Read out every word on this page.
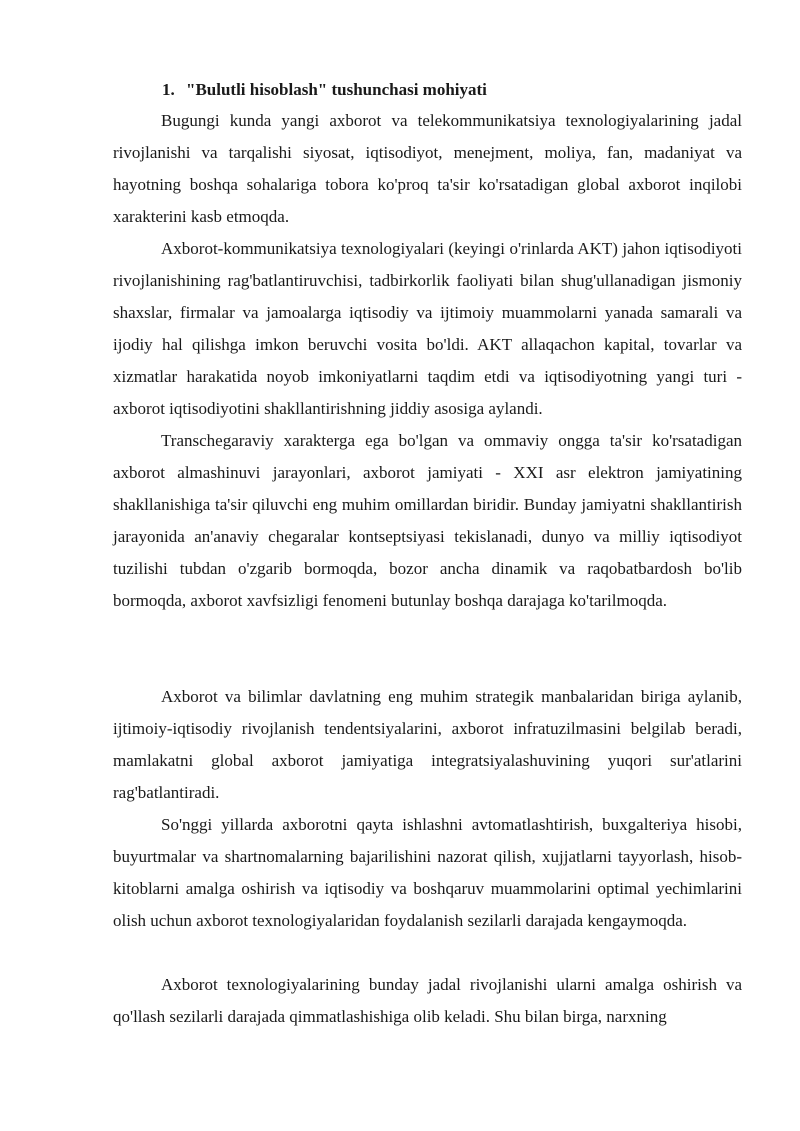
1. "Bulutli hisoblash" tushunchasi mohiyati

Bugungi kunda yangi axborot va telekommunikatsiya texnologiyalarining jadal rivojlanishi va tarqalishi siyosat, iqtisodiyot, menejment, moliya, fan, madaniyat va hayotning boshqa sohalariga tobora ko'proq ta'sir ko'rsatadigan global axborot inqilobi xarakterini kasb etmoqda.

Axborot-kommunikatsiya texnologiyalari (keyingi o'rinlarda AKT) jahon iqtisodiyoti rivojlanishining rag'batlantiruvchisi, tadbirkorlik faoliyati bilan shug'ullanadigan jismoniy shaxslar, firmalar va jamoalarga iqtisodiy va ijtimoiy muammolarni yanada samarali va ijodiy hal qilishga imkon beruvchi vosita bo'ldi. AKT allaqachon kapital, tovarlar va xizmatlar harakatida noyob imkoniyatlarni taqdim etdi va iqtisodiyotning yangi turi - axborot iqtisodiyotini shakllantirishning jiddiy asosiga aylandi.

Transchegaraviy xarakterga ega bo'lgan va ommaviy ongga ta'sir ko'rsatadigan axborot almashinuvi jarayonlari, axborot jamiyati - XXI asr elektron jamiyatining shakllanishiga ta'sir qiluvchi eng muhim omillardan biridir. Bunday jamiyatni shakllantirish jarayonida an'anaviy chegaralar kontseptsiyasi tekislanadi, dunyo va milliy iqtisodiyot tuzilishi tubdan o'zgarib bormoqda, bozor ancha dinamik va raqobatbardosh bo'lib bormoqda, axborot xavfsizligi fenomeni butunlay boshqa darajaga ko'tarilmoqda.

Axborot va bilimlar davlatning eng muhim strategik manbalaridan biriga aylanib, ijtimoiy-iqtisodiy rivojlanish tendentsiyalarini, axborot infratuzilmasini belgilab beradi, mamlakatni global axborot jamiyatiga integratsiyalashuvining yuqori sur'atlarini rag'batlantiradi.

So'nggi yillarda axborotni qayta ishlashni avtomatlashtirish, buxgalteriya hisobi, buyurtmalar va shartnomalarning bajarilishini nazorat qilish, xujjatlarni tayyorlash, hisob-kitoblarni amalga oshirish va iqtisodiy va boshqaruv muammolarini optimal yechimlarini olish uchun axborot texnologiyalaridan foydalanish sezilarli darajada kengaymoqda.

Axborot texnologiyalarining bunday jadal rivojlanishi ularni amalga oshirish va qo'llash sezilarli darajada qimmatlashishiga olib keladi. Shu bilan birga, narxning
